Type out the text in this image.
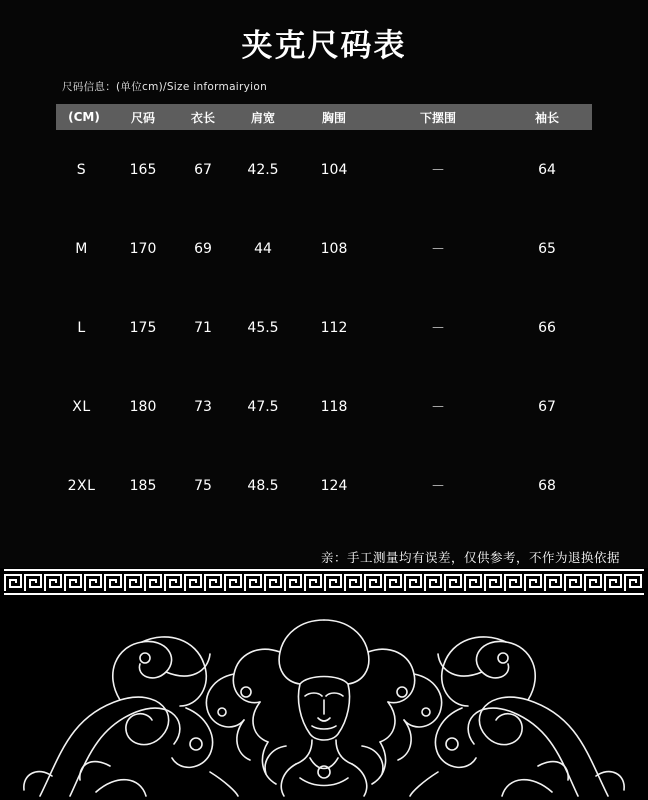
夹克尺码表
尺码信息：(单位cm)/Size informairyion
(CM)	尺码	衣长	肩宽	胸围	下摆围	袖长
S	165	67	42.5	104	－	64
M	170	69	44	108	－	65
L	175	71	45.5	112	－	66
XL	180	73	47.5	118	－	67
2XL	185	75	48.5	124	－	68
亲：手工测量均有误差，仅供参考，不作为退换依据
